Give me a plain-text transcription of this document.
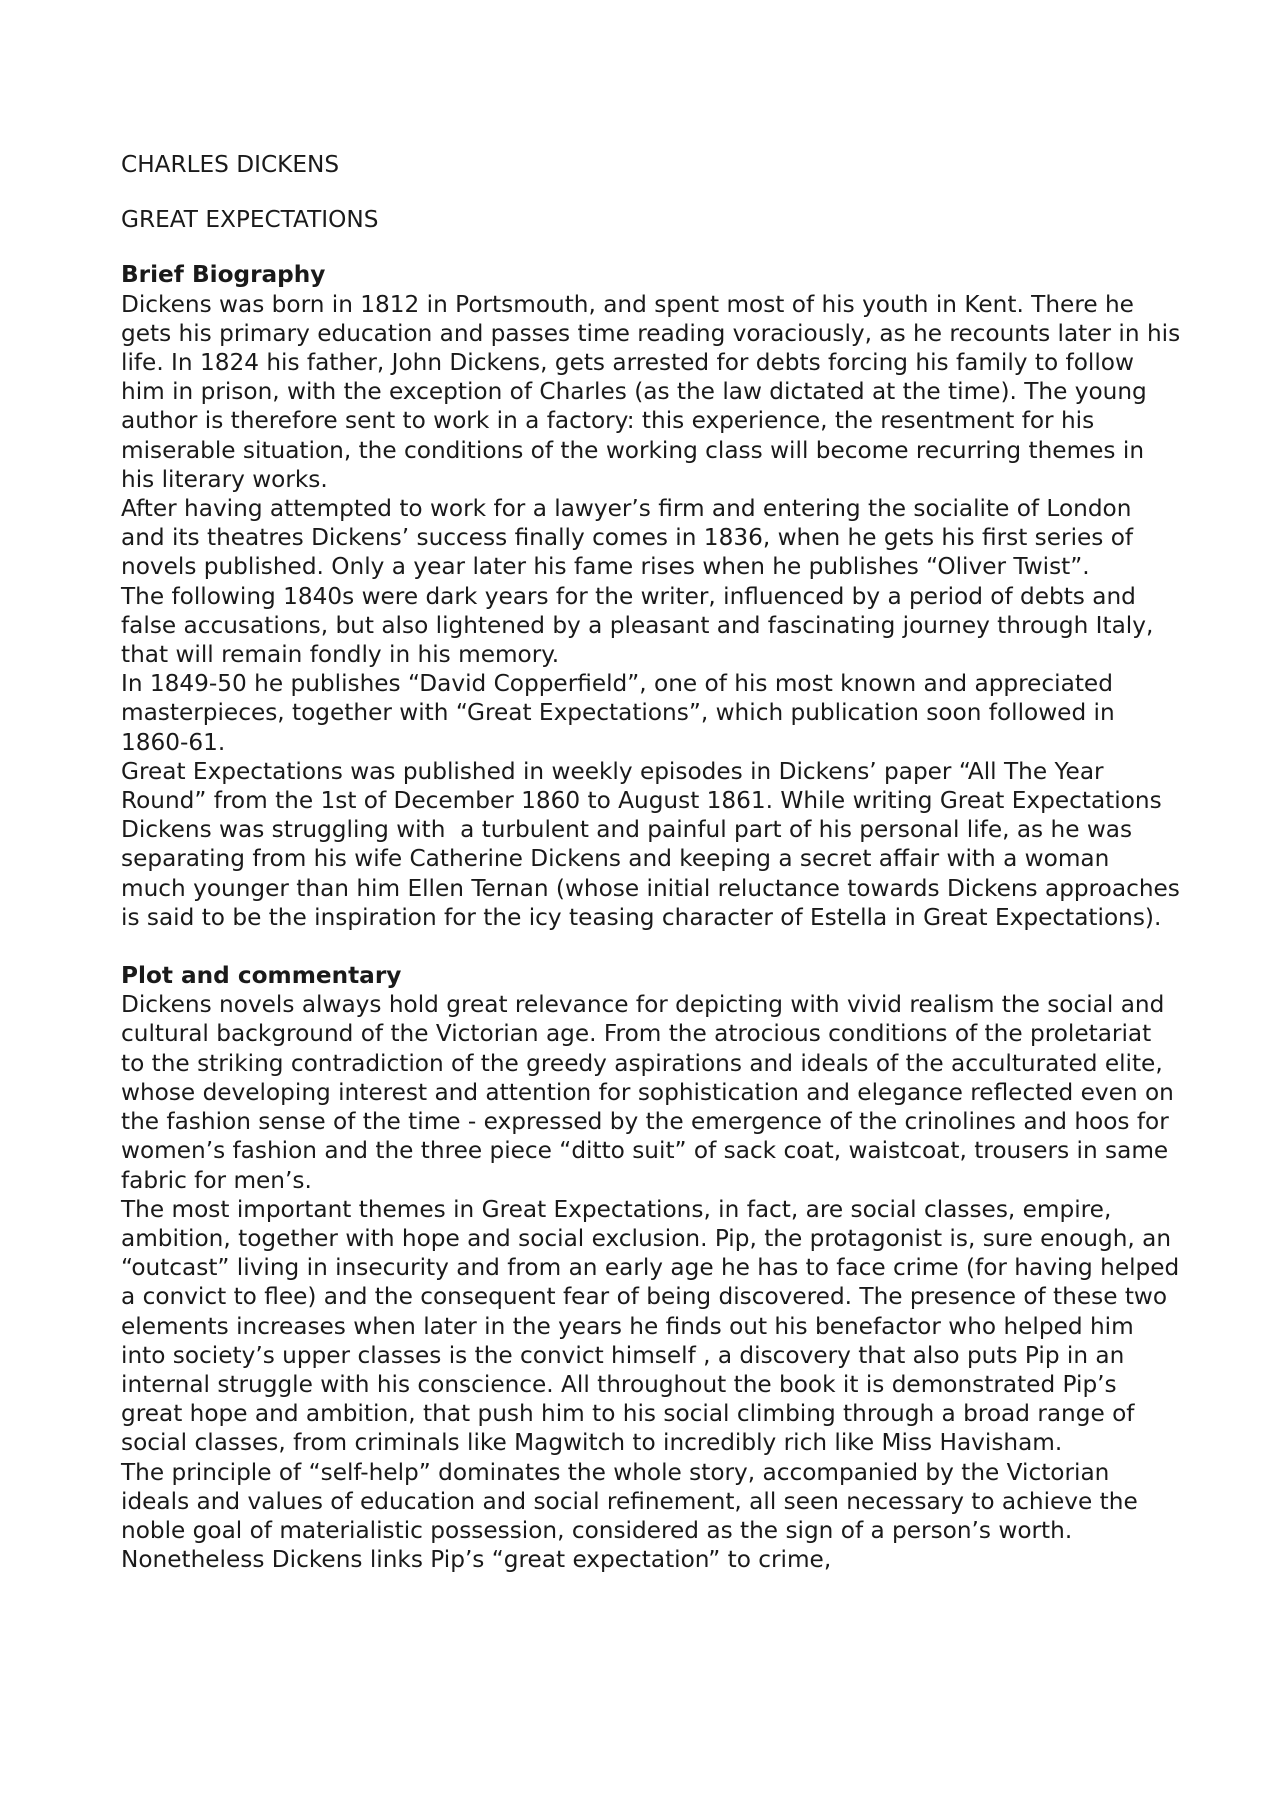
CHARLES DICKENS

GREAT EXPECTATIONS

Brief Biography

Dickens was born in 1812 in Portsmouth, and spent most of his youth in Kent. There he gets his primary education and passes time reading voraciously, as he recounts later in his life. In 1824 his father, John Dickens, gets arrested for debts forcing his family to follow him in prison, with the exception of Charles (as the law dictated at the time). The young author is therefore sent to work in a factory: this experience, the resentment for his miserable situation, the conditions of the working class will become recurring themes in his literary works.

After having attempted to work for a lawyer’s firm and entering the socialite of London and its theatres Dickens’ success finally comes in 1836, when he gets his first series of novels published. Only a year later his fame rises when he publishes “Oliver Twist”.

The following 1840s were dark years for the writer, influenced by a period of debts and false accusations, but also lightened by a pleasant and fascinating journey through Italy, that will remain fondly in his memory.

In 1849-50 he publishes “David Copperfield”, one of his most known and appreciated masterpieces, together with “Great Expectations”, which publication soon followed in 1860-61.

Great Expectations was published in weekly episodes in Dickens’ paper “All The Year Round” from the 1st of December 1860 to August 1861. While writing Great Expectations Dickens was struggling with  a turbulent and painful part of his personal life, as he was separating from his wife Catherine Dickens and keeping a secret affair with a woman much younger than him Ellen Ternan (whose initial reluctance towards Dickens approaches is said to be the inspiration for the icy teasing character of Estella in Great Expectations).

Plot and commentary

Dickens novels always hold great relevance for depicting with vivid realism the social and cultural background of the Victorian age. From the atrocious conditions of the proletariat to the striking contradiction of the greedy aspirations and ideals of the acculturated elite, whose developing interest and attention for sophistication and elegance reflected even on the fashion sense of the time - expressed by the emergence of the crinolines and hoos for women’s fashion and the three piece “ditto suit” of sack coat, waistcoat, trousers in same fabric for men’s.

The most important themes in Great Expectations, in fact, are social classes, empire, ambition, together with hope and social exclusion. Pip, the protagonist is, sure enough, an “outcast” living in insecurity and from an early age he has to face crime (for having helped a convict to flee) and the consequent fear of being discovered. The presence of these two elements increases when later in the years he finds out his benefactor who helped him into society’s upper classes is the convict himself , a discovery that also puts Pip in an internal struggle with his conscience. All throughout the book it is demonstrated Pip’s great hope and ambition, that push him to his social climbing through a broad range of social classes, from criminals like Magwitch to incredibly rich like Miss Havisham.

The principle of “self-help” dominates the whole story, accompanied by the Victorian ideals and values of education and social refinement, all seen necessary to achieve the noble goal of materialistic possession, considered as the sign of a person’s worth. Nonetheless Dickens links Pip’s “great expectation” to crime,
